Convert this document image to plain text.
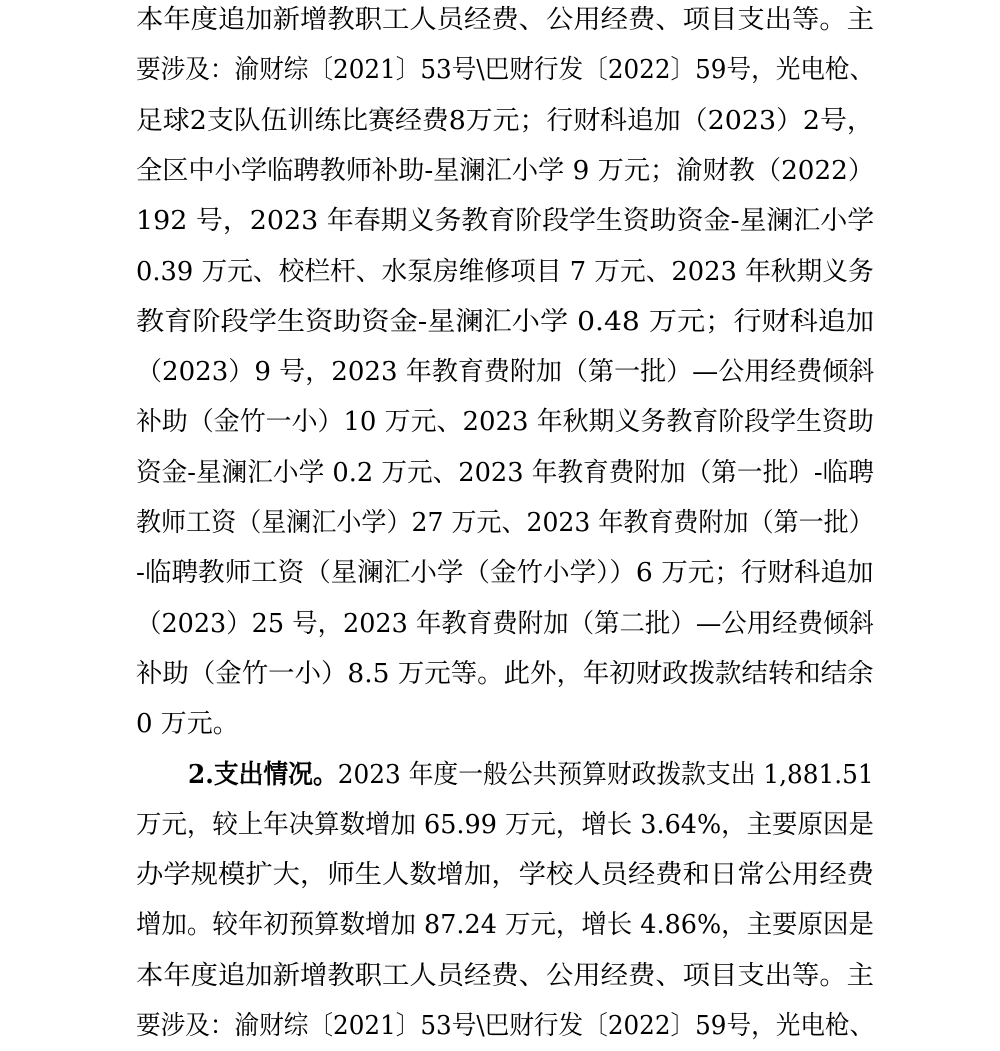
本年度追加新增教职工人员经费、公用经费、项目支出等。主
要涉及：渝财综〔2021〕53号\巴财行发〔2022〕59号，光电枪、
足球2支队伍训练比赛经费8万元；行财科追加（2023）2号，
全区中小学临聘教师补助-星澜汇小学 9 万元；渝财教（2022）
192 号，2023 年春期义务教育阶段学生资助资金-星澜汇小学
0.39 万元、校栏杆、水泵房维修项目 7 万元、2023 年秋期义务
教育阶段学生资助资金-星澜汇小学 0.48 万元；行财科追加
（2023）9 号，2023 年教育费附加（第一批）—公用经费倾斜
补助（金竹一小）10 万元、2023 年秋期义务教育阶段学生资助
资金-星澜汇小学 0.2 万元、2023 年教育费附加（第一批）-临聘
教师工资（星澜汇小学）27 万元、2023 年教育费附加（第一批）
-临聘教师工资（星澜汇小学（金竹小学））6 万元；行财科追加
（2023）25 号，2023 年教育费附加（第二批）—公用经费倾斜
补助（金竹一小）8.5 万元等。此外，年初财政拨款结转和结余
0 万元。
2.支出情况。2023 年度一般公共预算财政拨款支出 1,881.51
万元，较上年决算数增加 65.99 万元，增长 3.64%，主要原因是
办学规模扩大，师生人数增加，学校人员经费和日常公用经费
增加。较年初预算数增加 87.24 万元，增长 4.86%，主要原因是
本年度追加新增教职工人员经费、公用经费、项目支出等。主
要涉及：渝财综〔2021〕53号\巴财行发〔2022〕59号，光电枪、
